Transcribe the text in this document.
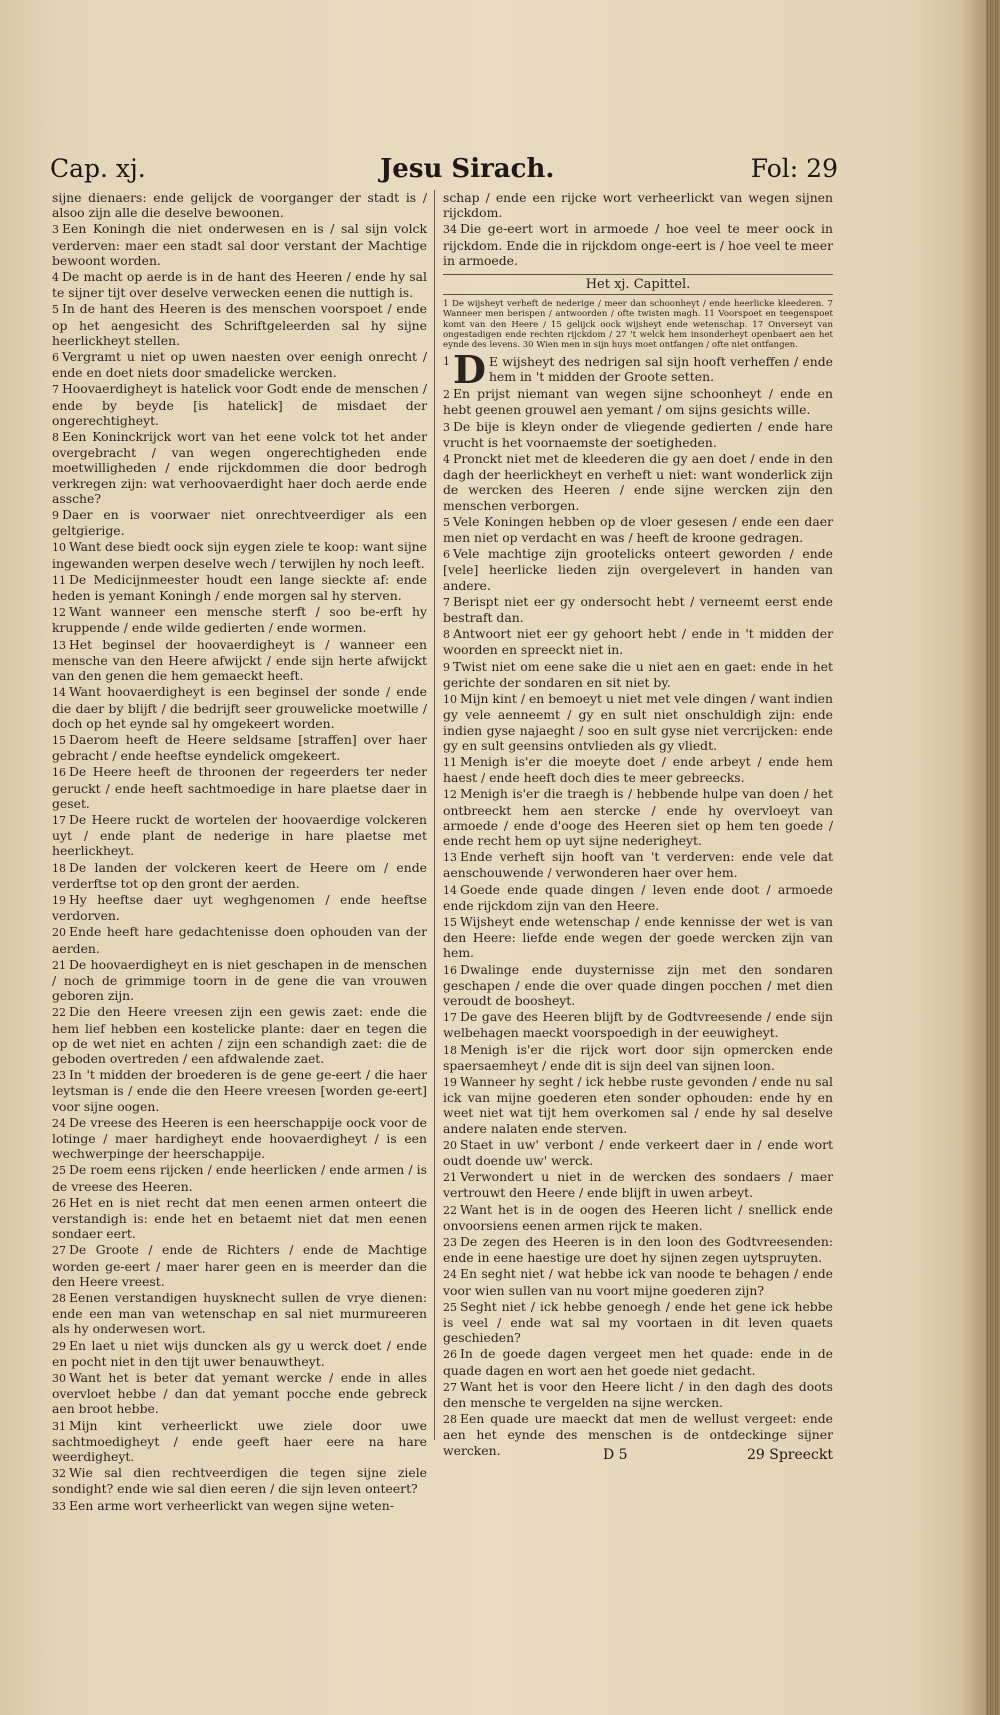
Cap. xj.	Jesu Sirach.	Fol: 29
sijne dienaers: ende gelijck de voorganger der stadt is / alsoo zijn alle die deselve bewoonen.
3 Een Koningh die niet onderwesen en is / sal sijn volck verderven: maer een stadt sal door verstant der Machtige bewoont worden.
4 De macht op aerde is in de hant des Heeren / ende hy sal te sijner tijt over deselve verwecken eenen die nuttigh is.
5 In de hant des Heeren is des menschen voorspoet / ende op het aengesicht des Schriftgeleerden sal hy sijne heerlickheyt stellen.
6 Vergramt u niet op uwen naesten over eenigh onrecht / ende en doet niets door smadelicke wercken.
7 Hoovaerdigheyt is hatelick voor Godt ende de menschen / ende by beyde [is hatelick] de misdaet der ongerechtigheyt.
8 Een Koninckrijck wort van het eene volck tot het ander overgebracht / van wegen ongerechtigheden ende moetwilligheden / ende rijckdommen die door bedrogh verkregen zijn: wat verhoovaerdight haer doch aerde ende assche?
9 Daer en is voorwaer niet onrechtveerdiger als een geltgierige.
10 Want dese biedt oock sijn eygen ziele te koop: want sijne ingewanden werpen deselve wech / terwijlen hy noch leeft.
11 De Medicijnmeester houdt een lange sieckte af: ende heden is yemant Koningh / ende morgen sal hy sterven.
12 Want wanneer een mensche sterft / soo be-erft hy kruppende / ende wilde gedierten / ende wormen.
13 Het beginsel der hoovaerdigheyt is / wanneer een mensche van den Heere afwijckt / ende sijn herte afwijckt van den genen die hem gemaeckt heeft.
14 Want hoovaerdigheyt is een beginsel der sonde / ende die daer by blijft / die bedrijft seer grouwelicke moetwille / doch op het eynde sal hy omgekeert worden.
15 Daerom heeft de Heere seldsame [straffen] over haer gebracht / ende heeftse eyndelick omgekeert.
16 De Heere heeft de throonen der regeerders ter neder geruckt / ende heeft sachtmoedige in hare plaetse daer in geset.
17 De Heere ruckt de wortelen der hoovaerdige volckeren uyt / ende plant de nederige in hare plaetse met heerlickheyt.
18 De landen der volckeren keert de Heere om / ende verderftse tot op den gront der aerden.
19 Hy heeftse daer uyt weghgenomen / ende heeftse verdorven.
20 Ende heeft hare gedachtenisse doen ophouden van der aerden.
21 De hoovaerdigheyt en is niet geschapen in de menschen / noch de grimmige toorn in de gene die van vrouwen geboren zijn.
22 Die den Heere vreesen zijn een gewis zaet: ende die hem lief hebben een kostelicke plante: daer en tegen die op de wet niet en achten / zijn een schandigh zaet: die de geboden overtreden / een afdwalende zaet.
23 In 't midden der broederen is de gene ge-eert / die haer leytsman is / ende die den Heere vreesen [worden ge-eert] voor sijne oogen.
24 De vreese des Heeren is een heerschappije oock voor de lotinge / maer hardigheyt ende hoovaerdigheyt / is een wechwerpinge der heerschappije.
25 De roem eens rijcken / ende heerlicken / ende armen / is de vreese des Heeren.
26 Het en is niet recht dat men eenen armen onteert die verstandigh is: ende het en betaemt niet dat men eenen sondaer eert.
27 De Groote / ende de Richters / ende de Machtige worden ge-eert / maer harer geen en is meerder dan die den Heere vreest.
28 Eenen verstandigen huysknecht sullen de vrye dienen: ende een man van wetenschap en sal niet murmureeren als hy onderwesen wort.
29 En laet u niet wijs duncken als gy u werck doet / ende en pocht niet in den tijt uwer benauwtheyt.
30 Want het is beter dat yemant wercke / ende in alles overvloet hebbe / dan dat yemant pocche ende gebreck aen broot hebbe.
31 Mijn kint verheerlickt uwe ziele door uwe sachtmoedigheyt / ende geeft haer eere na hare weerdigheyt.
32 Wie sal dien rechtveerdigen die tegen sijne ziele sondight? ende wie sal dien eeren / die sijn leven onteert?
33 Een arme wort verheerlickt van wegen sijne weten-
schap / ende een rijcke wort verheerlickt van wegen sijnen rijckdom.
34 Die ge-eert wort in armoede / hoe veel te meer oock in rijckdom. Ende die in rijckdom onge-eert is / hoe veel te meer in armoede.
Het xj. Capittel.
1 De wijsheyt verheft de nederige / meer dan schoonheyt / ende heerlicke kleederen. 7 Wanneer men berispen / antwoorden / ofte twisten magh. 11 Voorspoet en teegenspoet komt van den Heere / 15 gelijck oock wijsheyt ende wetenschap. 17 Onverseyt van ongestadigen ende rechten rijckdom / 27 't welck hem insonderheyt openbaert aen het eynde des levens. 30 Wien men in sijn huys moet ontfangen / ofte niet ontfangen.
1 D E wijsheyt des nedrigen sal sijn hooft verheffen / ende hem in 't midden der Groote setten.
2 En prijst niemant van wegen sijne schoonheyt / ende en hebt geenen grouwel aen yemant / om sijns gesichts wille.
3 De bije is kleyn onder de vliegende gedierten / ende hare vrucht is het voornaemste der soetigheden.
4 Pronckt niet met de kleederen die gy aen doet / ende in den dagh der heerlickheyt en verheft u niet: want wonderlick zijn de wercken des Heeren / ende sijne wercken zijn den menschen verborgen.
5 Vele Koningen hebben op de vloer gesesen / ende een daer men niet op verdacht en was / heeft de kroone gedragen.
6 Vele machtige zijn grootelicks onteert geworden / ende [vele] heerlicke lieden zijn overgelevert in handen van andere.
7 Berispt niet eer gy ondersocht hebt / verneemt eerst ende bestraft dan.
8 Antwoort niet eer gy gehoort hebt / ende in 't midden der woorden en spreeckt niet in.
9 Twist niet om eene sake die u niet aen en gaet: ende in het gerichte der sondaren en sit niet by.
10 Mijn kint / en bemoeyt u niet met vele dingen / want indien gy vele aenneemt / gy en sult niet onschuldigh zijn: ende indien gyse najaeght / soo en sult gyse niet vercrijcken: ende gy en sult geensins ontvlieden als gy vliedt.
11 Menigh is'er die moeyte doet / ende arbeyt / ende hem haest / ende heeft doch dies te meer gebreecks.
12 Menigh is'er die traegh is / hebbende hulpe van doen / het ontbreeckt hem aen stercke / ende hy overvloeyt van armoede / ende d'ooge des Heeren siet op hem ten goede / ende recht hem op uyt sijne nederigheyt.
13 Ende verheft sijn hooft van 't verderven: ende vele dat aenschouwende / verwonderen haer over hem.
14 Goede ende quade dingen / leven ende doot / armoede ende rijckdom zijn van den Heere.
15 Wijsheyt ende wetenschap / ende kennisse der wet is van den Heere: liefde ende wegen der goede wercken zijn van hem.
16 Dwalinge ende duysternisse zijn met den sondaren geschapen / ende die over quade dingen pocchen / met dien veroudt de boosheyt.
17 De gave des Heeren blijft by de Godtvreesende / ende sijn welbehagen maeckt voorspoedigh in der eeuwigheyt.
18 Menigh is'er die rijck wort door sijn opmercken ende spaersaemheyt / ende dit is sijn deel van sijnen loon.
19 Wanneer hy seght / ick hebbe ruste gevonden / ende nu sal ick van mijne goederen eten sonder ophouden: ende hy en weet niet wat tijt hem overkomen sal / ende hy sal deselve andere nalaten ende sterven.
20 Staet in uw' verbont / ende verkeert daer in / ende wort oudt doende uw' werck.
21 Verwondert u niet in de wercken des sondaers / maer vertrouwt den Heere / ende blijft in uwen arbeyt.
22 Want het is in de oogen des Heeren licht / snellick ende onvoorsiens eenen armen rijck te maken.
23 De zegen des Heeren is in den loon des Godtvreesenden: ende in eene haestige ure doet hy sijnen zegen uytspruyten.
24 En seght niet / wat hebbe ick van noode te behagen / ende voor wien sullen van nu voort mijne goederen zijn?
25 Seght niet / ick hebbe genoegh / ende het gene ick hebbe is veel / ende wat sal my voortaen in dit leven quaets geschieden?
26 In de goede dagen vergeet men het quade: ende in de quade dagen en wort aen het goede niet gedacht.
27 Want het is voor den Heere licht / in den dagh des doots den mensche te vergelden na sijne wercken.
28 Een quade ure maeckt dat men de wellust vergeet: ende aen het eynde des menschen is de ontdeckinge sijner wercken.	D 5	29 Spreeckt
